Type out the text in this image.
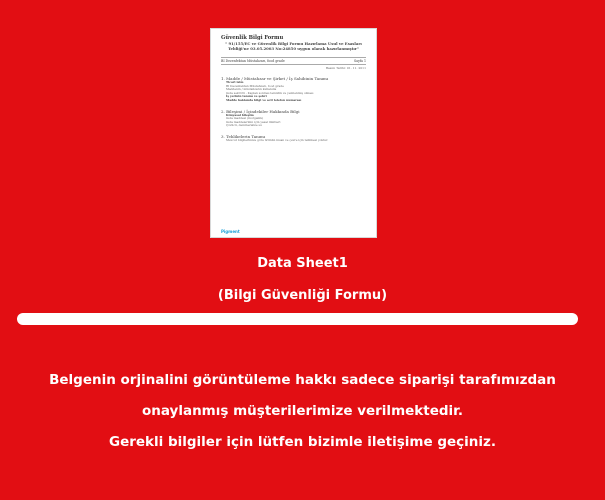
Güvenlik Bilgi Formu
" 91/155/EC ve Güvenlik Bilgi Formu Hazırlama Usul ve Esasları Tebliği'ne 03.05.2003 No:24850 uygun olarak hazırlanmıştır"
BI Dezenfektan Müstahzarı, food grade	Sayfa 1
Basım Tarihi: 01. 11. 2011
1. Madde / Müstahzar ve Şirket / İş Sahibinin Tanımı
Ticari isim
BI Dezenfektan Müstahzarı, food grade
Maddenin / müstahzarın kullanımı
Gıda sektörü - Kaplan sonrası temizlik ve yenilenmiş olması
İş yerinin tanımı ve şehri
Madde hakkında bilgi ve acil telefon numarası
2. Bileşimi / İçindekiler Hakkında Bilgi
Kimyasal bileşim
Gıda maddesi (inorganik)
Gıda maddelerinin için yasal limitleri
Çözücü, demineralize su
3. Tehlikelerin Tanımı
Mevcut bilgilerimize göre ürünün insan ve çevre için tehlikesi yoktur.
Pigment
Data Sheet1
(Bilgi Güvenliği Formu)
Belgenin orjinalini görüntüleme hakkı sadece siparişi tarafımızdan
onaylanmış müşterilerimize verilmektedir.
Gerekli bilgiler için lütfen bizimle iletişime geçiniz.
